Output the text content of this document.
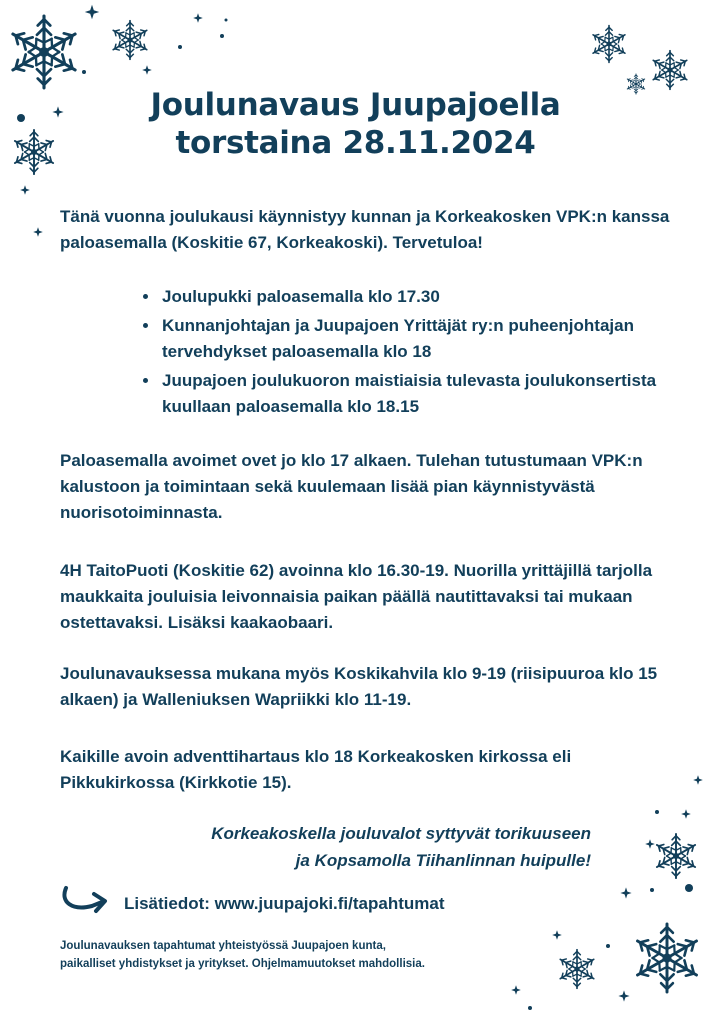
Joulunavaus Juupajoella
torstaina 28.11.2024

Tänä vuonna joulukausi käynnistyy kunnan ja Korkeakosken VPK:n kanssa paloasemalla (Koskitie 67, Korkeakoski). Tervetuloa!

• Joulupukki paloasemalla klo 17.30
• Kunnanjohtajan ja Juupajoen Yrittäjät ry:n puheenjohtajan tervehdykset paloasemalla klo 18
• Juupajoen joulukuoron maistiaisia tulevasta joulukonsertista kuullaan paloasemalla klo 18.15

Paloasemalla avoimet ovet jo klo 17 alkaen. Tulehan tutustumaan VPK:n kalustoon ja toimintaan sekä kuulemaan lisää pian käynnistyvästä nuorisotoiminnasta.

4H TaitoPuoti (Koskitie 62) avoinna klo 16.30-19. Nuorilla yrittäjillä tarjolla maukkaita jouluisia leivonnaisia paikan päällä nautittavaksi tai mukaan ostettavaksi. Lisäksi kaakaobaari.

Joulunavauksessa mukana myös Koskikahvila klo 9-19 (riisipuuroa klo 15 alkaen) ja Walleniuksen Wapriikki klo 11-19.

Kaikille avoin adventtihartaus klo 18 Korkeakosken kirkossa eli Pikkukirkossa (Kirkkotie 15).

Korkeakoskella jouluvalot syttyvät torikuuseen
ja Kopsamolla Tiihanlinnan huipulle!
Lisätiedot: www.juupajoki.fi/tapahtumat
Joulunavauksen tapahtumat yhteistyössä Juupajoen kunta,
paikalliset yhdistykset ja yritykset. Ohjelmamuutokset mahdollisia.
